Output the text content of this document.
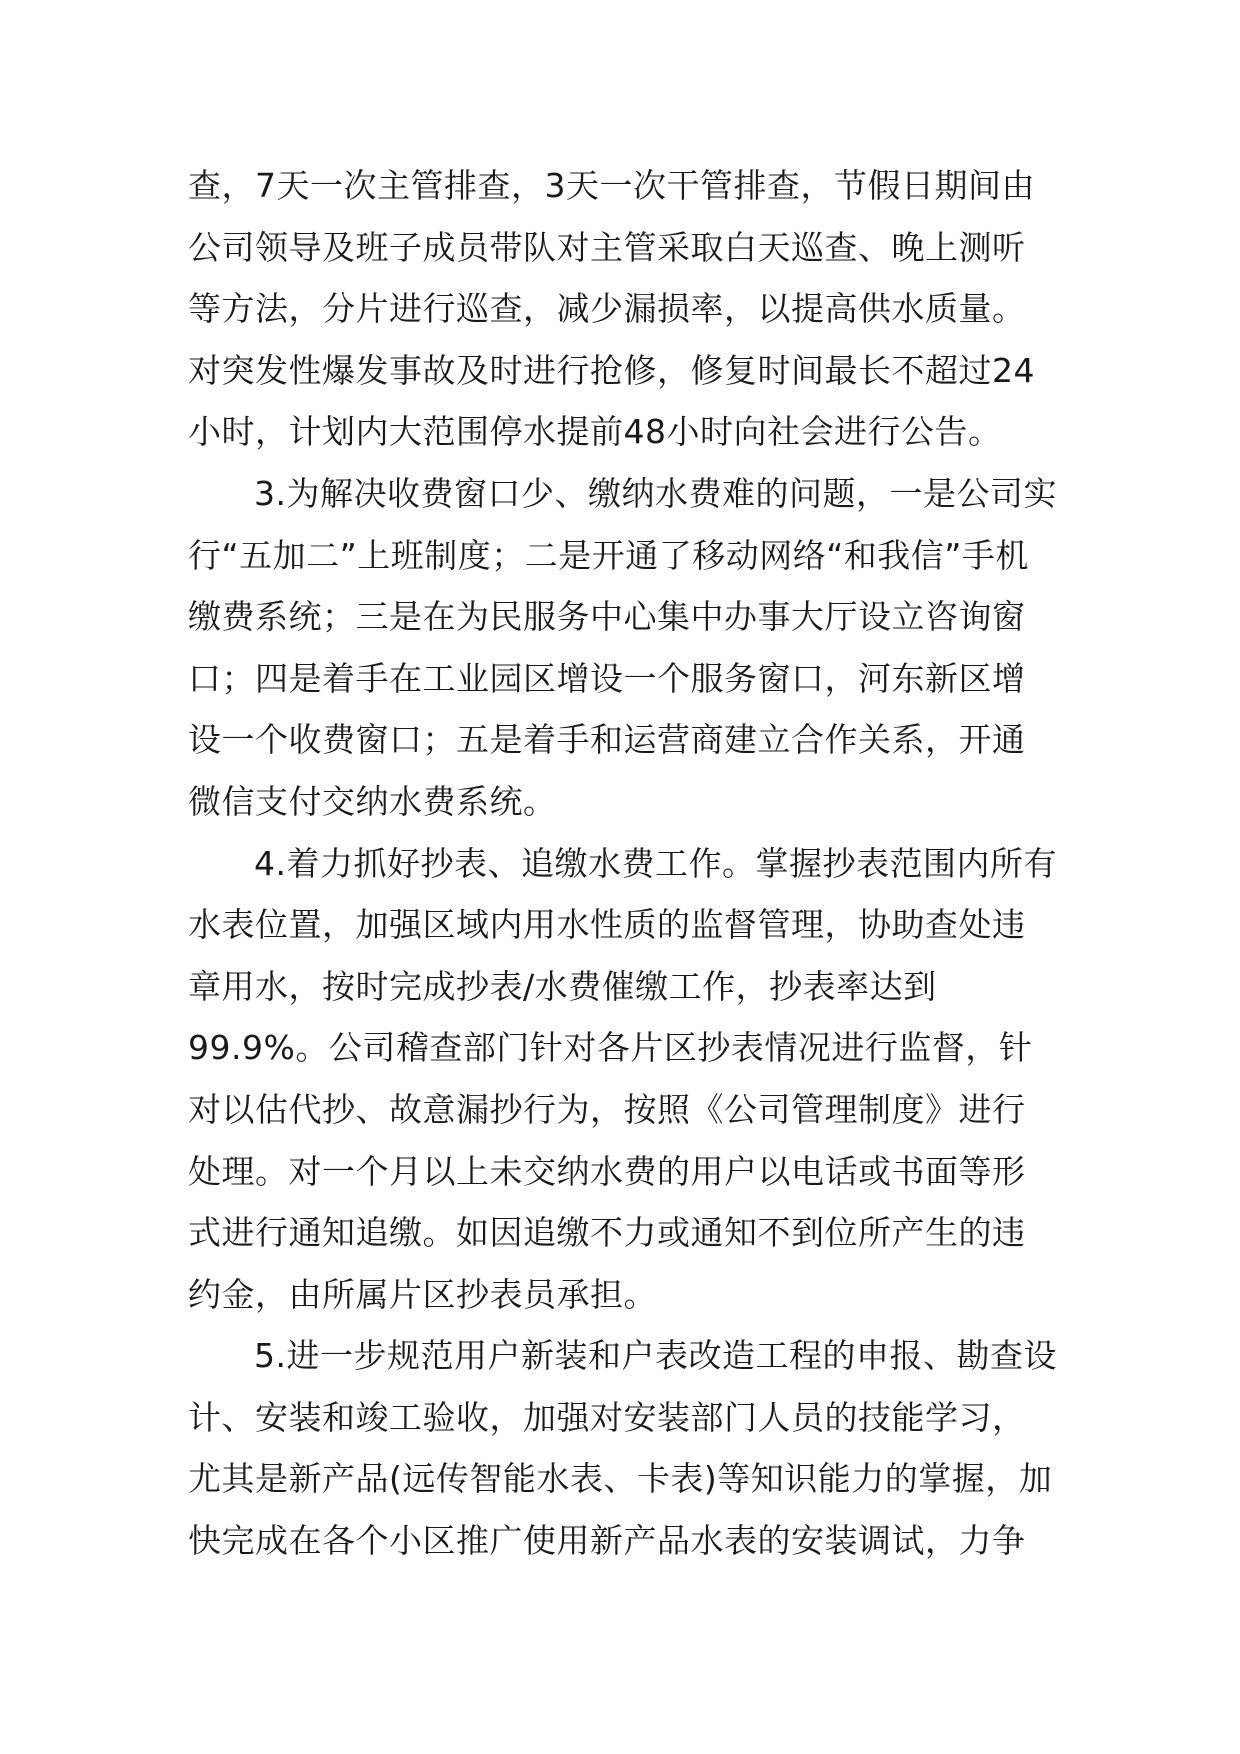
查，7天一次主管排查，3天一次干管排查，节假日期间由
公司领导及班子成员带队对主管采取白天巡查、晚上测听
等方法，分片进行巡查，减少漏损率，以提高供水质量。
对突发性爆发事故及时进行抢修，修复时间最长不超过24
小时，计划内大范围停水提前48小时向社会进行公告。
3.为解决收费窗口少、缴纳水费难的问题，一是公司实
行“五加二”上班制度；二是开通了移动网络“和我信”手机
缴费系统；三是在为民服务中心集中办事大厅设立咨询窗
口；四是着手在工业园区增设一个服务窗口，河东新区增
设一个收费窗口；五是着手和运营商建立合作关系，开通
微信支付交纳水费系统。
4.着力抓好抄表、追缴水费工作。掌握抄表范围内所有
水表位置，加强区域内用水性质的监督管理，协助查处违
章用水，按时完成抄表/水费催缴工作，抄表率达到
99.9%。公司稽查部门针对各片区抄表情况进行监督，针
对以估代抄、故意漏抄行为，按照《公司管理制度》进行
处理。对一个月以上未交纳水费的用户以电话或书面等形
式进行通知追缴。如因追缴不力或通知不到位所产生的违
约金，由所属片区抄表员承担。
5.进一步规范用户新装和户表改造工程的申报、勘查设
计、安装和竣工验收，加强对安装部门人员的技能学习，
尤其是新产品(远传智能水表、卡表)等知识能力的掌握，加
快完成在各个小区推广使用新产品水表的安装调试，力争
